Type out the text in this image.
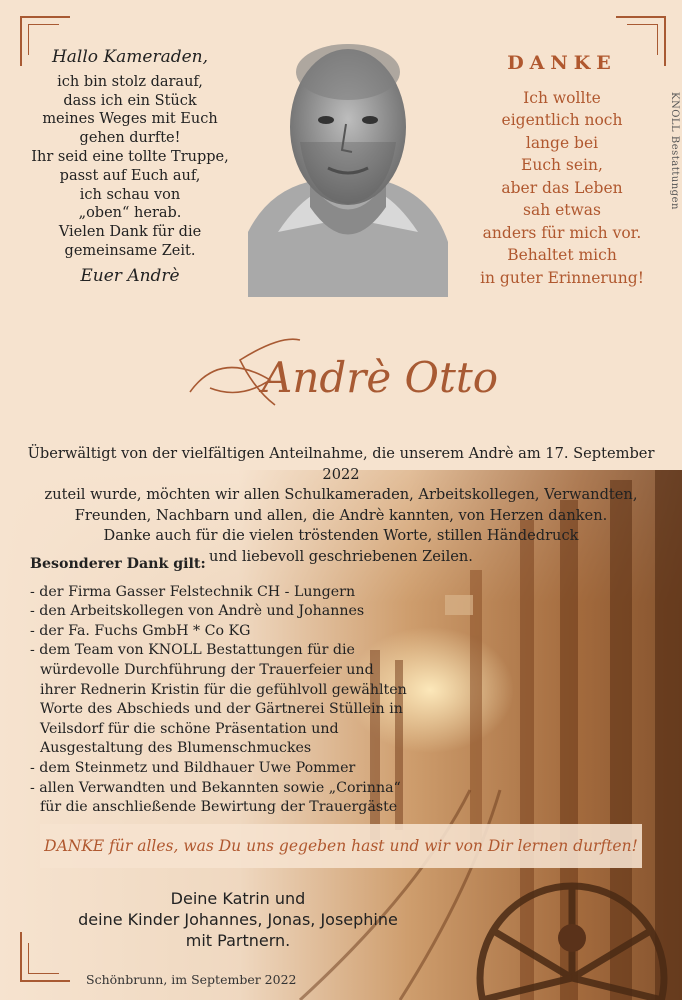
Hallo Kameraden,
ich bin stolz darauf,
dass ich ein Stück
meines Weges mit Euch
gehen durfte!
Ihr seid eine tollte Truppe,
passt auf Euch auf,
ich schau von
„oben“ herab.
Vielen Dank für die
gemeinsame Zeit.
Euer Andrè
DANKE
Ich wollte
eigentlich noch
lange bei
Euch sein,
aber das Leben
sah etwas
anders für mich vor.
Behaltet mich
in guter Erinnerung!
KNOLL Bestattungen
Andrè Otto
Überwältigt von der vielfältigen Anteilnahme, die unserem Andrè am 17. September 2022
zuteil wurde, möchten wir allen Schulkameraden, Arbeitskollegen, Verwandten,
Freunden, Nachbarn und allen, die Andrè kannten, von Herzen danken.
Danke auch für die vielen tröstenden Worte, stillen Händedruck
und liebevoll geschriebenen Zeilen.
Besonderer Dank gilt:
- der Firma Gasser Felstechnik CH - Lungern
- den Arbeitskollegen von Andrè und Johannes
- der Fa. Fuchs GmbH * Co KG
- dem Team von KNOLL Bestattungen für die würdevolle Durchführung der Trauerfeier und ihrer Rednerin Kristin für die gefühlvoll gewählten Worte des Abschieds und der Gärtnerei Stüllein in Veilsdorf für die schöne Präsentation und Ausgestaltung des Blumenschmuckes
- dem Steinmetz und Bildhauer Uwe Pommer
- allen Verwandten und Bekannten sowie „Corinna“ für die anschließende Bewirtung der Trauergäste
DANKE für alles, was Du uns gegeben hast und wir von Dir lernen durften!
Deine Katrin und
deine Kinder Johannes, Jonas, Josephine
mit Partnern.
Schönbrunn, im September 2022
